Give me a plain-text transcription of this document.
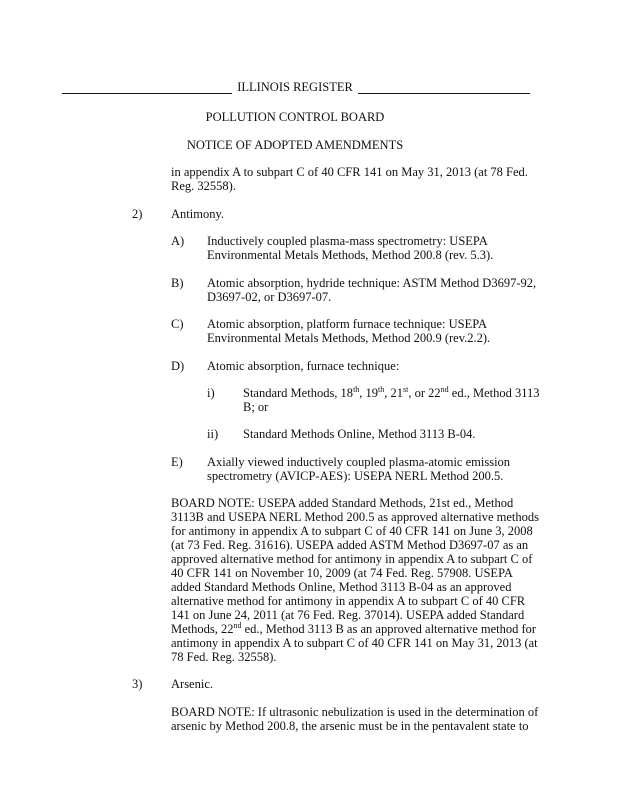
ILLINOIS REGISTER
POLLUTION CONTROL BOARD
NOTICE OF ADOPTED AMENDMENTS
in appendix A to subpart C of 40 CFR 141 on May 31, 2013 (at 78 Fed.
Reg. 32558).
2) Antimony.
A) Inductively coupled plasma-mass spectrometry: USEPA
Environmental Metals Methods, Method 200.8 (rev. 5.3).
B) Atomic absorption, hydride technique: ASTM Method D3697-92,
D3697-02, or D3697-07.
C) Atomic absorption, platform furnace technique: USEPA
Environmental Metals Methods, Method 200.9 (rev.2.2).
D) Atomic absorption, furnace technique:
i) Standard Methods, 18th, 19th, 21st, or 22nd ed., Method 3113
B; or
ii) Standard Methods Online, Method 3113 B-04.
E) Axially viewed inductively coupled plasma-atomic emission
spectrometry (AVICP-AES): USEPA NERL Method 200.5.
BOARD NOTE: USEPA added Standard Methods, 21st ed., Method
3113B and USEPA NERL Method 200.5 as approved alternative methods
for antimony in appendix A to subpart C of 40 CFR 141 on June 3, 2008
(at 73 Fed. Reg. 31616). USEPA added ASTM Method D3697-07 as an
approved alternative method for antimony in appendix A to subpart C of
40 CFR 141 on November 10, 2009 (at 74 Fed. Reg. 57908. USEPA
added Standard Methods Online, Method 3113 B-04 as an approved
alternative method for antimony in appendix A to subpart C of 40 CFR
141 on June 24, 2011 (at 76 Fed. Reg. 37014). USEPA added Standard
Methods, 22nd ed., Method 3113 B as an approved alternative method for
antimony in appendix A to subpart C of 40 CFR 141 on May 31, 2013 (at
78 Fed. Reg. 32558).
3) Arsenic.
BOARD NOTE: If ultrasonic nebulization is used in the determination of
arsenic by Method 200.8, the arsenic must be in the pentavalent state to
